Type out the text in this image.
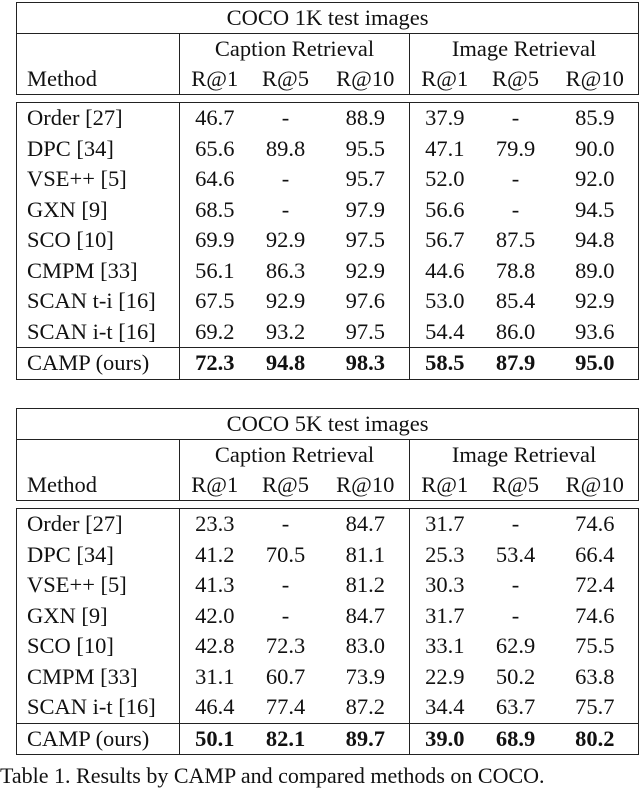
COCO 1K test images						
	Caption Retrieval			Image Retrieval		
Method	R@1	R@5	R@10	R@1	R@5	R@10

Order [27]	46.7	-	88.9	37.9	-	85.9
DPC [34]	65.6	89.8	95.5	47.1	79.9	90.0
VSE++ [5]	64.6	-	95.7	52.0	-	92.0
GXN [9]	68.5	-	97.9	56.6	-	94.5
SCO [10]	69.9	92.9	97.5	56.7	87.5	94.8
CMPM [33]	56.1	86.3	92.9	44.6	78.8	89.0
SCAN t-i [16]	67.5	92.9	97.6	53.0	85.4	92.9
SCAN i-t [16]	69.2	93.2	97.5	54.4	86.0	93.6
CAMP (ours)	72.3	94.8	98.3	58.5	87.9	95.0
COCO 5K test images						
	Caption Retrieval			Image Retrieval		
Method	R@1	R@5	R@10	R@1	R@5	R@10

Order [27]	23.3	-	84.7	31.7	-	74.6
DPC [34]	41.2	70.5	81.1	25.3	53.4	66.4
VSE++ [5]	41.3	-	81.2	30.3	-	72.4
GXN [9]	42.0	-	84.7	31.7	-	74.6
SCO [10]	42.8	72.3	83.0	33.1	62.9	75.5
CMPM [33]	31.1	60.7	73.9	22.9	50.2	63.8
SCAN i-t [16]	46.4	77.4	87.2	34.4	63.7	75.7
CAMP (ours)	50.1	82.1	89.7	39.0	68.9	80.2
Table 1. Results by CAMP and compared methods on COCO.
